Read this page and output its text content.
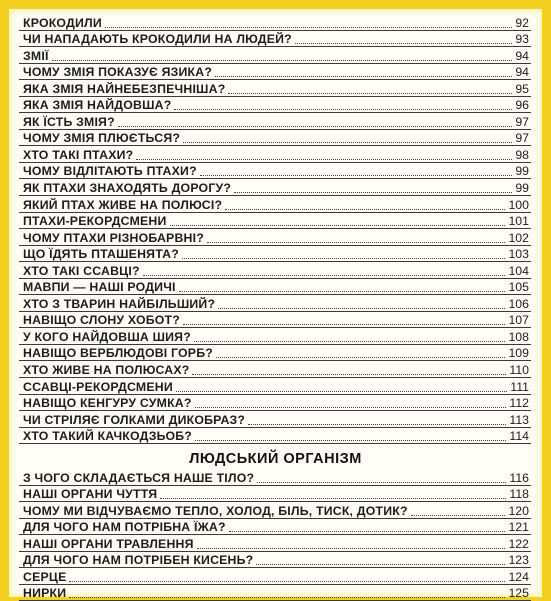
КРОКОДИЛИ	92
ЧИ НАПАДАЮТЬ КРОКОДИЛИ НА ЛЮДЕЙ?	93
ЗМІЇ	94
ЧОМУ ЗМІЯ ПОКАЗУЄ ЯЗИКА?	94
ЯКА ЗМІЯ НАЙНЕБЕЗПЕЧНІША?	95
ЯКА ЗМІЯ НАЙДОВША?	96
ЯК ЇСТЬ ЗМІЯ?	97
ЧОМУ ЗМІЯ ПЛЮЄТЬСЯ?	97
ХТО ТАКІ ПТАХИ?	98
ЧОМУ ВІДЛІТАЮТЬ ПТАХИ?	99
ЯК ПТАХИ ЗНАХОДЯТЬ ДОРОГУ?	99
ЯКИЙ ПТАХ ЖИВЕ НА ПОЛЮСІ?	100
ПТАХИ-РЕКОРДСМЕНИ	101
ЧОМУ ПТАХИ РІЗНОБАРВНІ?	102
ЩО ЇДЯТЬ ПТАШЕНЯТА?	103
ХТО ТАКІ ССАВЦІ?	104
МАВПИ — НАШІ РОДИЧІ	105
ХТО З ТВАРИН НАЙБІЛЬШИЙ?	106
НАВІЩО СЛОНУ ХОБОТ?	107
У КОГО НАЙДОВША ШИЯ?	108
НАВІЩО ВЕРБЛЮДОВІ ГОРБ?	109
ХТО ЖИВЕ НА ПОЛЮСАХ?	110
ССАВЦІ-РЕКОРДСМЕНИ	111
НАВІЩО КЕНГУРУ СУМКА?	112
ЧИ СТРІЛЯЄ ГОЛКАМИ ДИКОБРАЗ?	113
ХТО ТАКИЙ КАЧКОДЗЬОБ?	114
ЛЮДСЬКИЙ ОРГАНІЗМ
З ЧОГО СКЛАДАЄТЬСЯ НАШЕ ТІЛО?	116
НАШІ ОРГАНИ ЧУТТЯ	118
ЧОМУ МИ ВІДЧУВАЄМО ТЕПЛО, ХОЛОД, БІЛЬ, ТИСК, ДОТИК?	120
ДЛЯ ЧОГО НАМ ПОТРІБНА ЇЖА?	121
НАШІ ОРГАНИ ТРАВЛЕННЯ	122
ДЛЯ ЧОГО НАМ ПОТРІБЕН КИСЕНЬ?	123
СЕРЦЕ	124
НИРКИ	125
